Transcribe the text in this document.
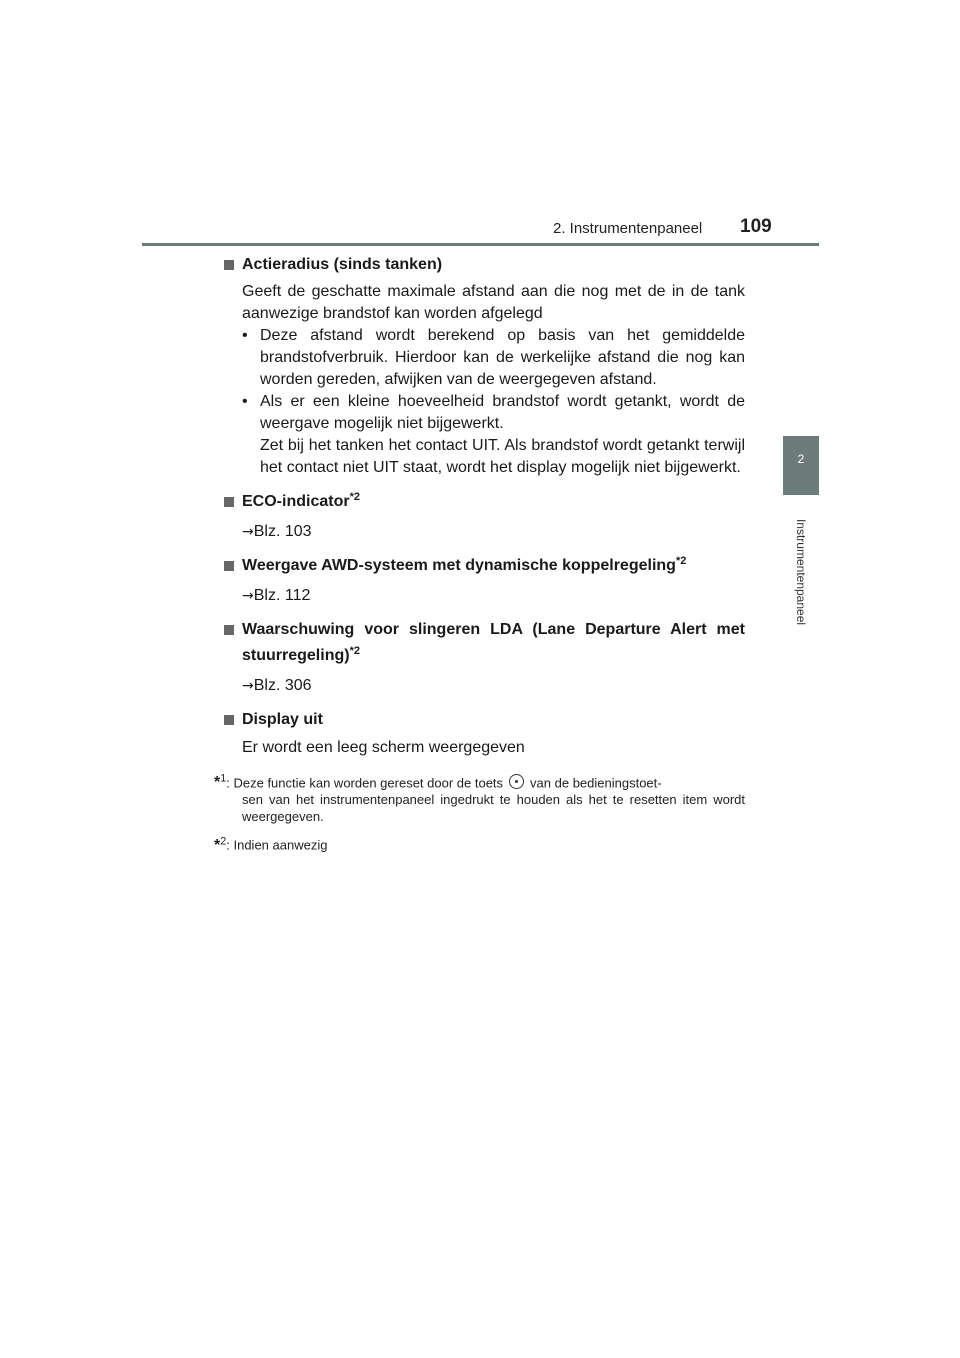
2. Instrumentenpaneel 109
2
Instrumentenpaneel
Actieradius (sinds tanken)
Geeft de geschatte maximale afstand aan die nog met de in de tank aanwezige brandstof kan worden afgelegd
• Deze afstand wordt berekend op basis van het gemiddelde brandstofverbruik. Hierdoor kan de werkelijke afstand die nog kan worden gereden, afwijken van de weergegeven afstand.
• Als er een kleine hoeveelheid brandstof wordt getankt, wordt de weergave mogelijk niet bijgewerkt.
Zet bij het tanken het contact UIT. Als brandstof wordt getankt terwijl het contact niet UIT staat, wordt het display mogelijk niet bijgewerkt.
ECO-indicator$^{*2}$
→Blz. 103
Weergave AWD-systeem met dynamische koppelregeling$^{*2}$
→Blz. 112
Waarschuwing voor slingeren LDA (Lane Departure Alert met stuurregeling)$^{*2}$
→Blz. 306
Display uit
Er wordt een leeg scherm weergegeven
*$^1$: Deze functie kan worden gereset door de toets van de bedieningstoet-
sen van het instrumentenpaneel ingedrukt te houden als het te resetten item wordt weergegeven.
*$^2$: Indien aanwezig
